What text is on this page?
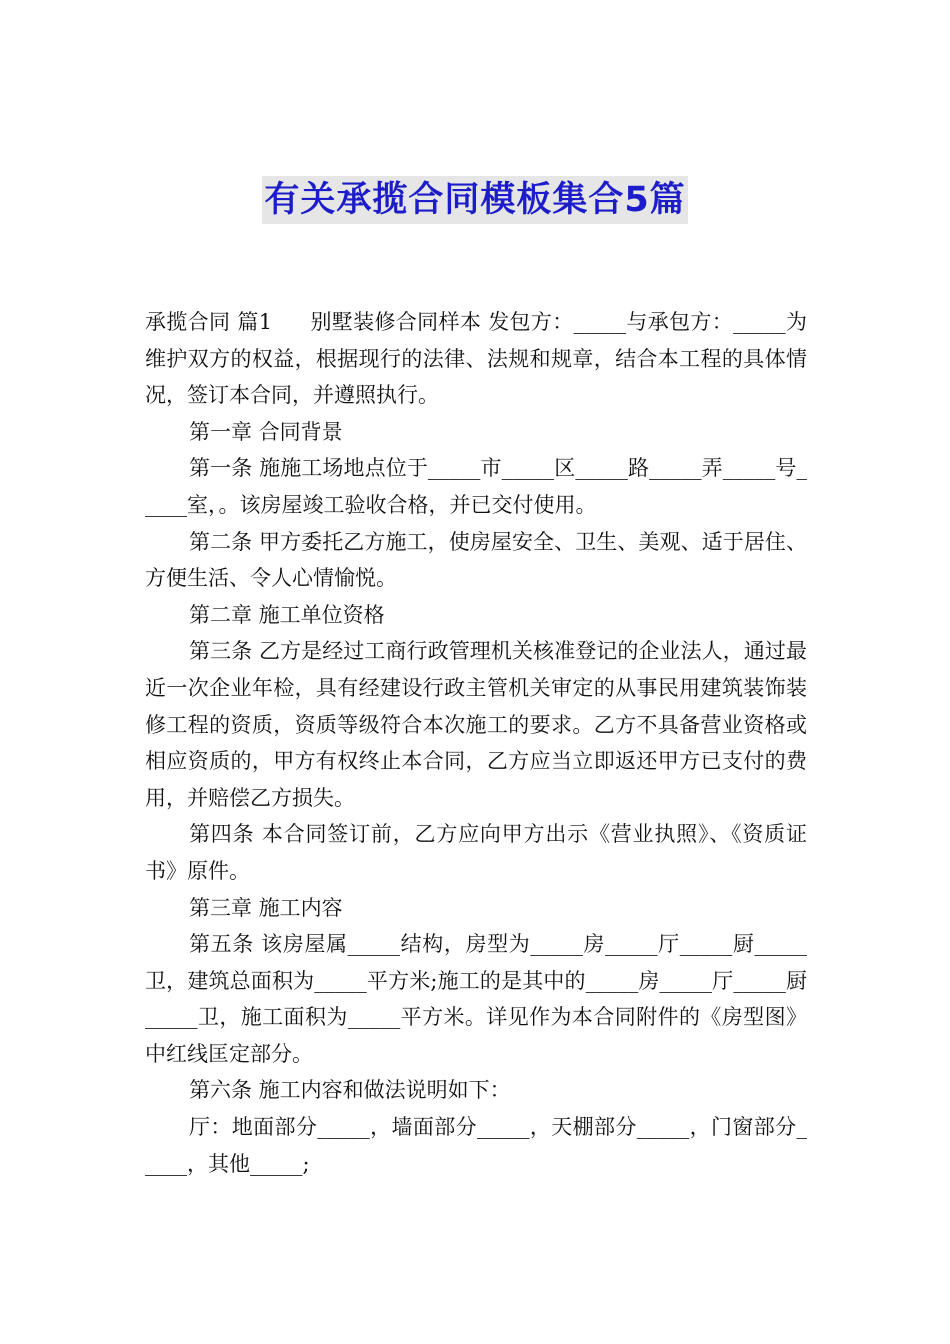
有关承揽合同模板集合5篇

承揽合同 篇1 别墅装修合同样本 发包方：_____与承包方：_____为维护双方的权益，根据现行的法律、法规和规章，结合本工程的具体情况，签订本合同，并遵照执行。

第一章 合同背景

第一条 施施工场地点位于_____市_____区_____路_____弄_____号_____室，。该房屋竣工验收合格，并已交付使用。

第二条 甲方委托乙方施工，使房屋安全、卫生、美观、适于居住、方便生活、令人心情愉悦。

第二章 施工单位资格

第三条 乙方是经过工商行政管理机关核准登记的企业法人，通过最近一次企业年检，具有经建设行政主管机关审定的从事民用建筑装饰装修工程的资质，资质等级符合本次施工的要求。乙方不具备营业资格或相应资质的，甲方有权终止本合同，乙方应当立即返还甲方已支付的费用，并赔偿乙方损失。

第四条 本合同签订前，乙方应向甲方出示《营业执照》、《资质证书》原件。

第三章 施工内容

第五条 该房屋属_____结构，房型为_____房_____厅_____厨_____卫，建筑总面积为_____平方米;施工的是其中的_____房_____厅_____厨_____卫，施工面积为_____平方米。详见作为本合同附件的《房型图》中红线匡定部分。

第六条 施工内容和做法说明如下：

厅：地面部分_____，墙面部分_____，天棚部分_____，门窗部分_____，其他_____;
